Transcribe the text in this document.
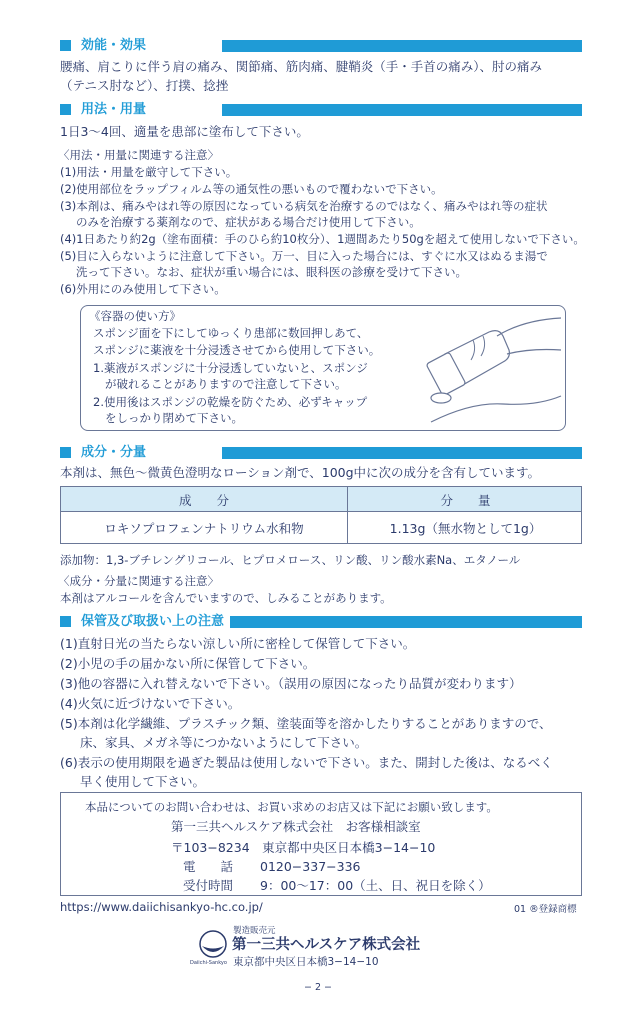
効能・効果
腰痛、肩こりに伴う肩の痛み、関節痛、筋肉痛、腱鞘炎（手・手首の痛み）、肘の痛み
（テニス肘など）、打撲、捻挫
用法・用量
1日3～4回、適量を患部に塗布して下さい。
〈用法・用量に関連する注意〉
(1)用法・用量を厳守して下さい。
(2)使用部位をラップフィルム等の通気性の悪いもので覆わないで下さい。
(3)本剤は、痛みやはれ等の原因になっている病気を治療するのではなく、痛みやはれ等の症状
のみを治療する薬剤なので、症状がある場合だけ使用して下さい。
(4)1日あたり約2g（塗布面積：手のひら約10枚分）、1週間あたり50gを超えて使用しないで下さい。
(5)目に入らないように注意して下さい。万一、目に入った場合には、すぐに水又はぬるま湯で
洗って下さい。なお、症状が重い場合には、眼科医の診療を受けて下さい。
(6)外用にのみ使用して下さい。
《容器の使い方》
スポンジ面を下にしてゆっくり患部に数回押しあて、
スポンジに薬液を十分浸透させてから使用して下さい。
1.薬液がスポンジに十分浸透していないと、スポンジ
が破れることがありますので注意して下さい。
2.使用後はスポンジの乾燥を防ぐため、必ずキャップ
をしっかり閉めて下さい。
成分・分量
本剤は、無色～微黄色澄明なローション剤で、100g中に次の成分を含有しています。
成　　分	分　　量
ロキソプロフェンナトリウム水和物	1.13g（無水物として1g）
添加物：1,3-ブチレングリコール、ヒプロメロース、リン酸、リン酸水素Na、エタノール
〈成分・分量に関連する注意〉
本剤はアルコールを含んでいますので、しみることがあります。
保管及び取扱い上の注意
(1)直射日光の当たらない涼しい所に密栓して保管して下さい。
(2)小児の手の届かない所に保管して下さい。
(3)他の容器に入れ替えないで下さい。（誤用の原因になったり品質が変わります）
(4)火気に近づけないで下さい。
(5)本剤は化学繊維、プラスチック類、塗装面等を溶かしたりすることがありますので、
床、家具、メガネ等につかないようにして下さい。
(6)表示の使用期限を過ぎた製品は使用しないで下さい。また、開封した後は、なるべく
早く使用して下さい。
本品についてのお問い合わせは、お買い求めのお店又は下記にお願い致します。
第一三共ヘルスケア株式会社　お客様相談室
〒103−8234　東京都中央区日本橋3−14−10
電　　話 0120−337−336
受付時間 9：00〜17：00（土、日、祝日を除く）
https://www.daiichisankyo-hc.co.jp/	01 ®登録商標
Daiichi-Sankyo
製造販売元
第一三共ヘルスケア株式会社
東京都中央区日本橋3−14−10
− 2 −
